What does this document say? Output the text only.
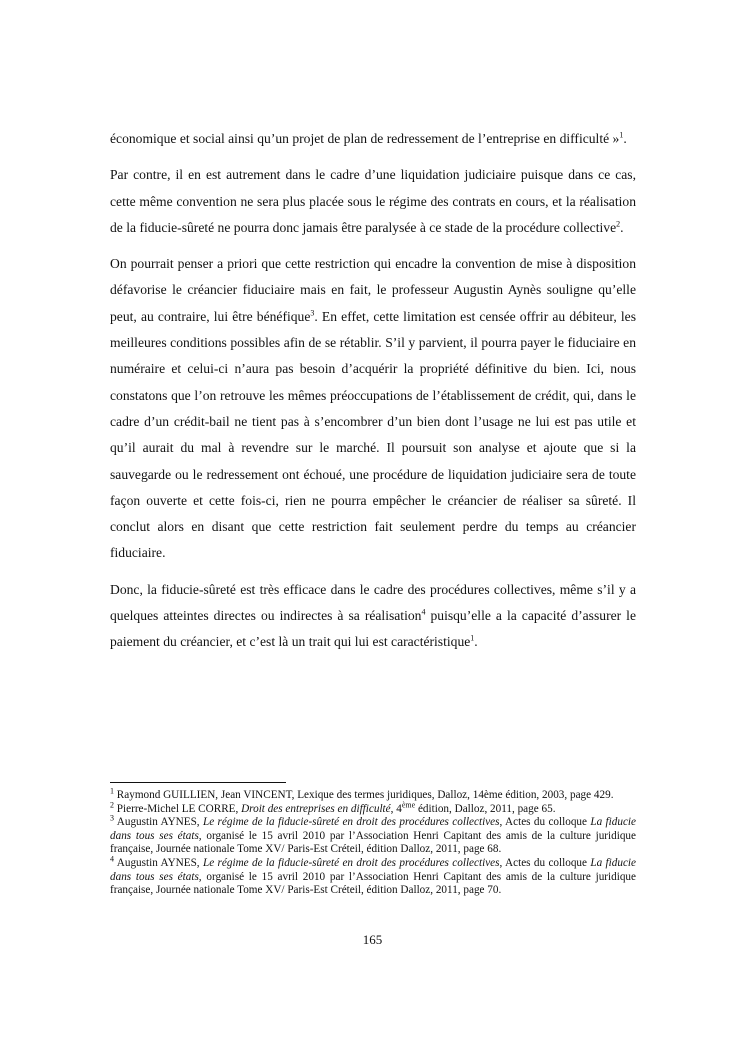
économique et social ainsi qu’un projet de plan de redressement de l’entreprise en difficulté »$^1$.

Par contre, il en est autrement dans le cadre d’une liquidation judiciaire puisque dans ce cas, cette même convention ne sera plus placée sous le régime des contrats en cours, et la réalisation de la fiducie-sûreté ne pourra donc jamais être paralysée à ce stade de la procédure collective$^2$.

On pourrait penser a priori que cette restriction qui encadre la convention de mise à disposition défavorise le créancier fiduciaire mais en fait, le professeur Augustin Aynès souligne qu’elle peut, au contraire, lui être bénéfique$^3$. En effet, cette limitation est censée offrir au débiteur, les meilleures conditions possibles afin de se rétablir. S’il y parvient, il pourra payer le fiduciaire en numéraire et celui-ci n’aura pas besoin d’acquérir la propriété définitive du bien. Ici, nous constatons que l’on retrouve les mêmes préoccupations de l’établissement de crédit, qui, dans le cadre d’un crédit-bail ne tient pas à s’encombrer d’un bien dont l’usage ne lui est pas utile et qu’il aurait du mal à revendre sur le marché. Il poursuit son analyse et ajoute que si la sauvegarde ou le redressement ont échoué, une procédure de liquidation judiciaire sera de toute façon ouverte et cette fois-ci, rien ne pourra empêcher le créancier de réaliser sa sûreté. Il conclut alors en disant que cette restriction fait seulement perdre du temps au créancier fiduciaire.

Donc, la fiducie-sûreté est très efficace dans le cadre des procédures collectives, même s’il y a quelques atteintes directes ou indirectes à sa réalisation$^4$ puisqu’elle a la capacité d’assurer le paiement du créancier, et c’est là un trait qui lui est caractéristique$^1$.

$^1$ Raymond GUILLIEN, Jean VINCENT, Lexique des termes juridiques, Dalloz, 14ème édition, 2003, page 429.

$^2$ Pierre-Michel LE CORRE, Droit des entreprises en difficulté, 4ème édition, Dalloz, 2011, page 65.

$^3$ Augustin AYNES, Le régime de la fiducie-sûreté en droit des procédures collectives, Actes du colloque La fiducie dans tous ses états, organisé le 15 avril 2010 par l’Association Henri Capitant des amis de la culture juridique française, Journée nationale Tome XV/ Paris-Est Créteil, édition Dalloz, 2011, page 68.

$^4$ Augustin AYNES, Le régime de la fiducie-sûreté en droit des procédures collectives, Actes du colloque La fiducie dans tous ses états, organisé le 15 avril 2010 par l’Association Henri Capitant des amis de la culture juridique française, Journée nationale Tome XV/ Paris-Est Créteil, édition Dalloz, 2011, page 70.

165
